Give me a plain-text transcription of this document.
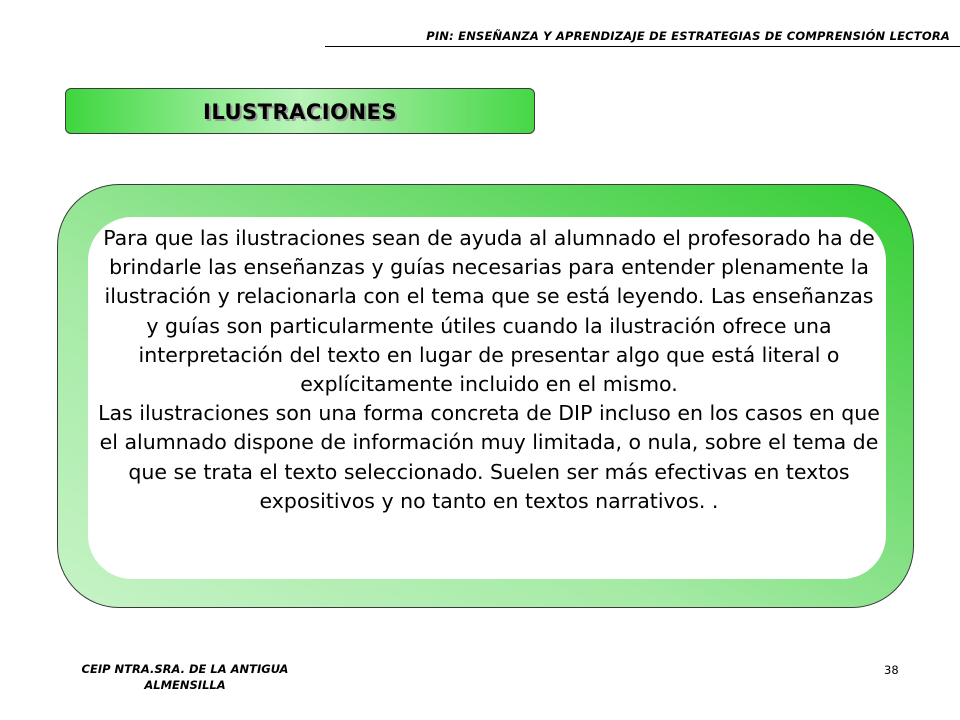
PIN: ENSEÑANZA Y APRENDIZAJE DE ESTRATEGIAS DE COMPRENSIÓN LECTORA
ILUSTRACIONES

Para que las ilustraciones sean de ayuda al alumnado el profesorado ha de brindarle las enseñanzas y guías necesarias para entender plenamente la ilustración y relacionarla con el tema que se está leyendo. Las enseñanzas y guías son particularmente útiles cuando la ilustración ofrece una interpretación del texto en lugar de presentar algo que está literal o explícitamente incluido en el mismo.

Las ilustraciones son una forma concreta de DIP incluso en los casos en que el alumnado dispone de información muy limitada, o nula, sobre el tema de que se trata el texto seleccionado. Suelen ser más efectivas en textos expositivos y no tanto en textos narrativos. .

CEIP NTRA.SRA. DE LA ANTIGUA
ALMENSILLA
38
